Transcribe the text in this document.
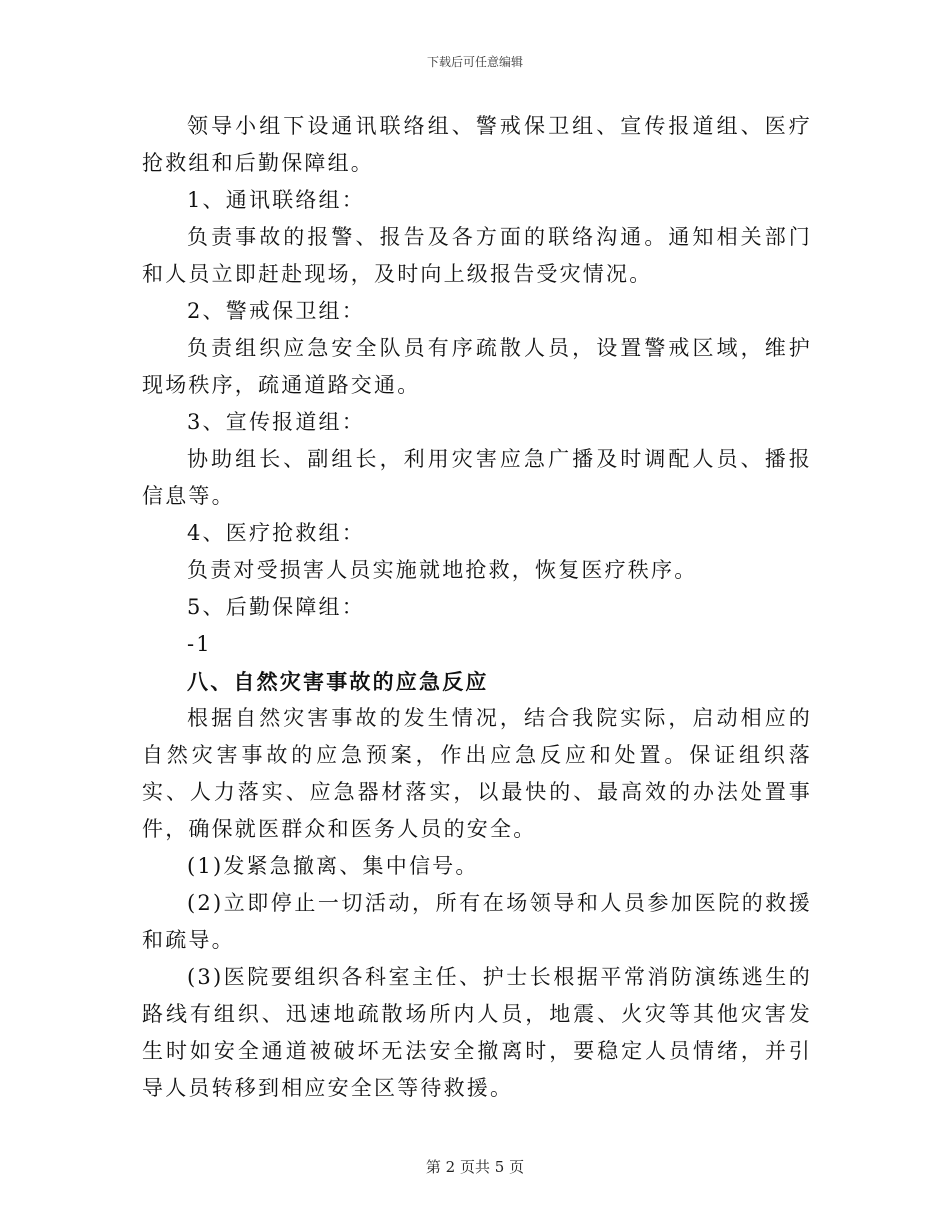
下载后可任意编辑

领导小组下设通讯联络组、警戒保卫组、宣传报道组、医疗抢救组和后勤保障组。

1、通讯联络组：

负责事故的报警、报告及各方面的联络沟通。通知相关部门和人员立即赶赴现场，及时向上级报告受灾情况。

2、警戒保卫组：

负责组织应急安全队员有序疏散人员，设置警戒区域，维护现场秩序，疏通道路交通。

3、宣传报道组：

协助组长、副组长，利用灾害应急广播及时调配人员、播报信息等。

4、医疗抢救组：

负责对受损害人员实施就地抢救，恢复医疗秩序。

5、后勤保障组：

-1

八、自然灾害事故的应急反应

根据自然灾害事故的发生情况，结合我院实际，启动相应的自然灾害事故的应急预案，作出应急反应和处置。保证组织落实、人力落实、应急器材落实，以最快的、最高效的办法处置事件，确保就医群众和医务人员的安全。

(1)发紧急撤离、集中信号。

(2)立即停止一切活动，所有在场领导和人员参加医院的救援和疏导。

(3)医院要组织各科室主任、护士长根据平常消防演练逃生的路线有组织、迅速地疏散场所内人员，地震、火灾等其他灾害发生时如安全通道被破坏无法安全撤离时，要稳定人员情绪，并引导人员转移到相应安全区等待救援。

第 2 页共 5 页
